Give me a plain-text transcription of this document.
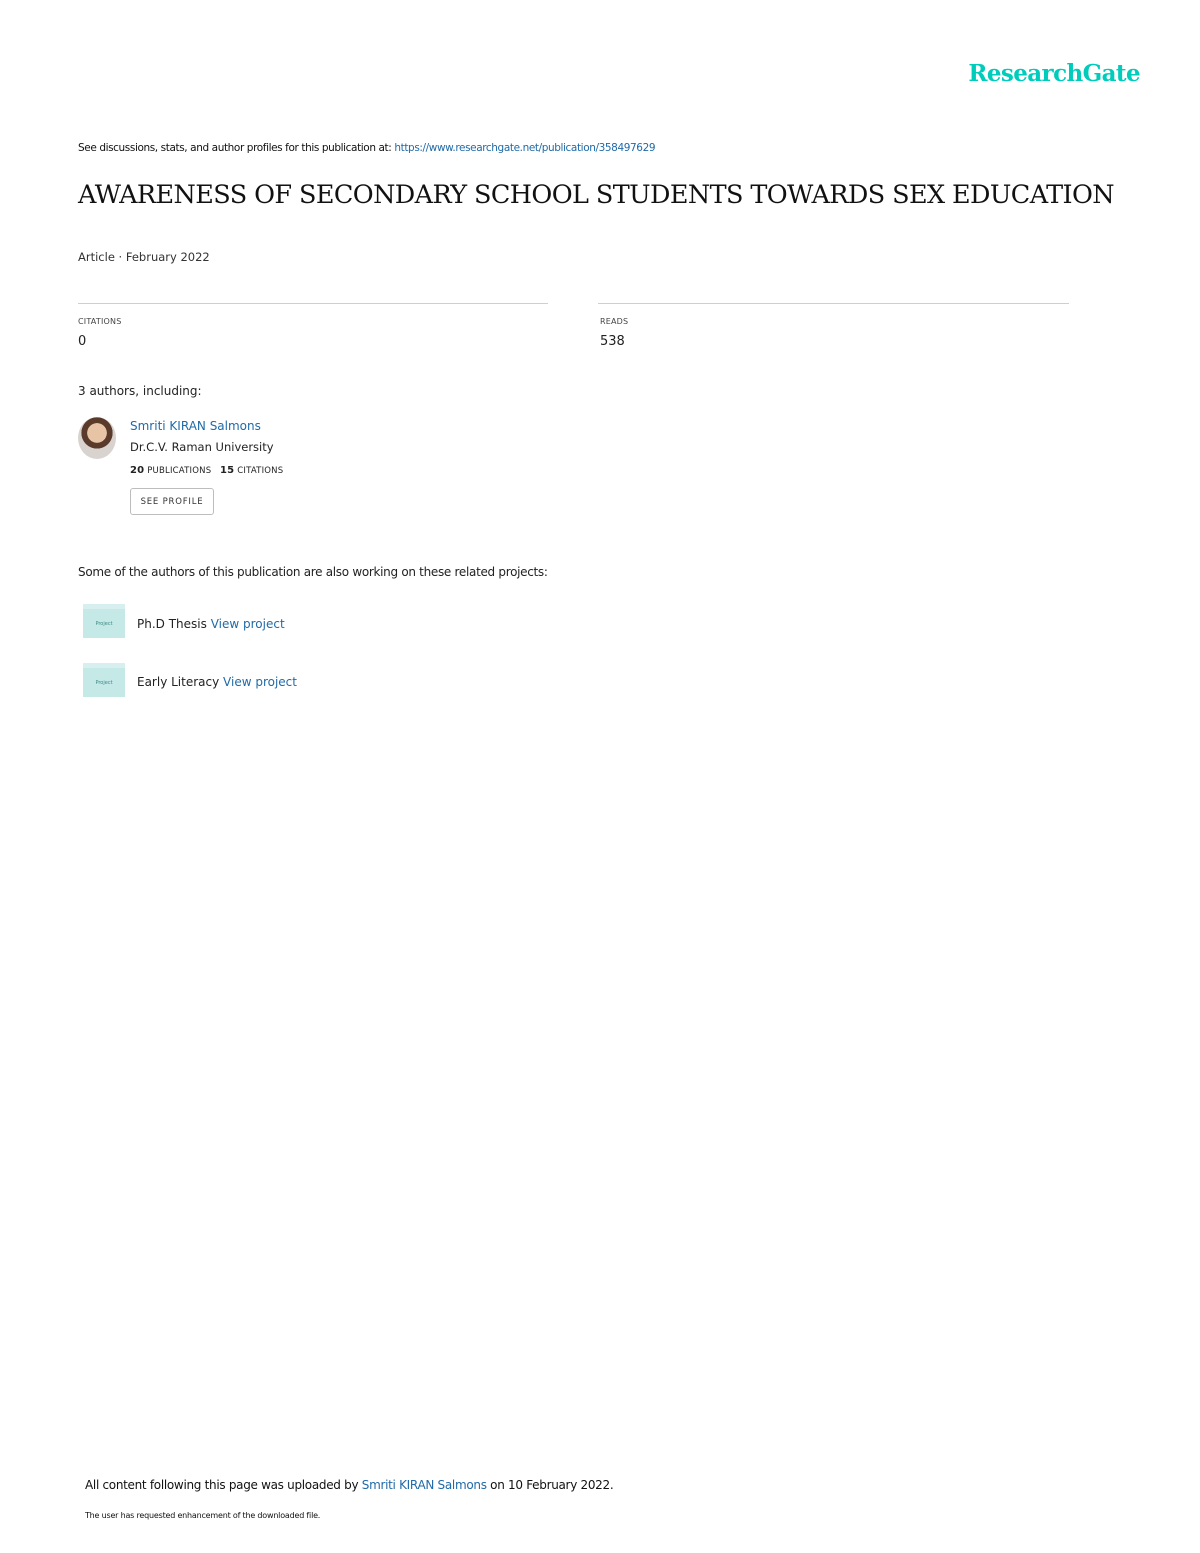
ResearchGate
See discussions, stats, and author profiles for this publication at: https://www.researchgate.net/publication/358497629
AWARENESS OF SECONDARY SCHOOL STUDENTS TOWARDS SEX EDUCATION
Article · February 2022
CITATIONS
0
READS
538
3 authors, including:
Smriti KIRAN Salmons
Dr.C.V. Raman University
20 PUBLICATIONS 15 CITATIONS
SEE PROFILE
Some of the authors of this publication are also working on these related projects:
Project	Ph.D Thesis View project
Project	Early Literacy View project
All content following this page was uploaded by Smriti KIRAN Salmons on 10 February 2022.
The user has requested enhancement of the downloaded file.
